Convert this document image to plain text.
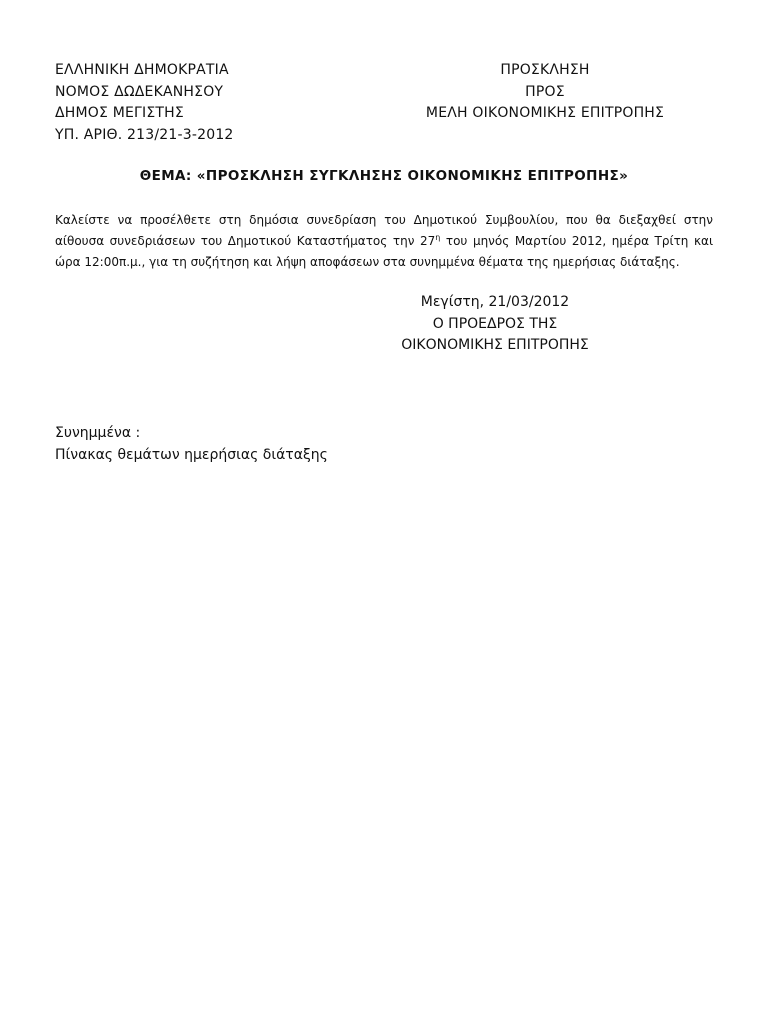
ΕΛΛΗΝΙΚΗ ΔΗΜΟΚΡΑΤΙΑ
ΝΟΜΟΣ ΔΩΔΕΚΑΝΗΣΟΥ
ΔΗΜΟΣ ΜΕΓΙΣΤΗΣ
ΥΠ. ΑΡΙΘ. 213/21-3-2012
ΠΡΟΣΚΛΗΣΗ
ΠΡΟΣ
ΜΕΛΗ ΟΙΚΟΝΟΜΙΚΗΣ ΕΠΙΤΡΟΠΗΣ
ΘΕΜΑ: «ΠΡΟΣΚΛΗΣΗ ΣΥΓΚΛΗΣΗΣ ΟΙΚΟΝΟΜΙΚΗΣ ΕΠΙΤΡΟΠΗΣ»
Καλείστε να προσέλθετε στη δημόσια συνεδρίαση του Δημοτικού Συμβουλίου, που θα διεξαχθεί στην αίθουσα συνεδριάσεων του Δημοτικού Καταστήματος την $27^\eta$ του μηνός Μαρτίου 2012, ημέρα Τρίτη και ώρα 12:00π.μ., για τη συζήτηση και λήψη αποφάσεων στα συνημμένα θέματα της ημερήσιας διάταξης.
Μεγίστη, 21/03/2012
Ο ΠΡΟΕΔΡΟΣ ΤΗΣ
ΟΙΚΟΝΟΜΙΚΗΣ ΕΠΙΤΡΟΠΗΣ
Συνημμένα :
Πίνακας θεμάτων ημερήσιας διάταξης
